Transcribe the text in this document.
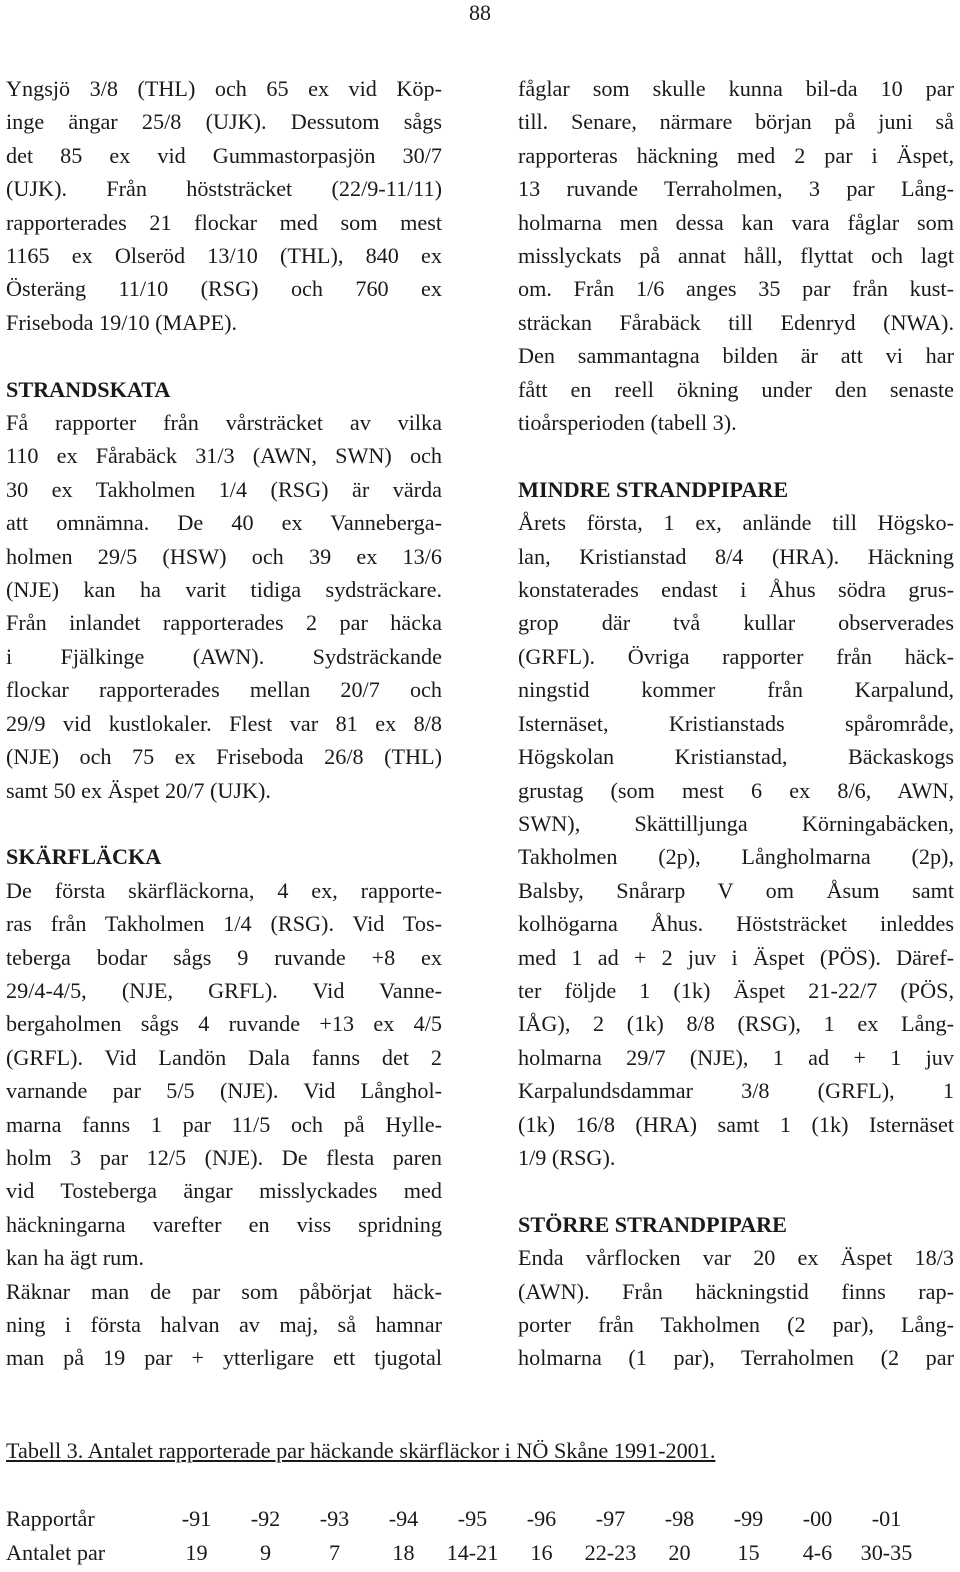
88
Yngsjö 3/8 (THL) och 65 ex vid Köp-
inge ängar 25/8 (UJK). Dessutom sågs
det 85 ex vid Gummastorpasjön 30/7
(UJK). Från höststräcket (22/9-11/11)
rapporterades 21 flockar med som mest
1165 ex Olseröd 13/10 (THL), 840 ex
Österäng 11/10 (RSG) och 760 ex
Friseboda 19/10 (MAPE).
STRANDSKATA
Få rapporter från vårsträcket av vilka
110 ex Fårabäck 31/3 (AWN, SWN) och
30 ex Takholmen 1/4 (RSG) är värda
att omnämna. De 40 ex Vanneberga-
holmen 29/5 (HSW) och 39 ex 13/6
(NJE) kan ha varit tidiga sydsträckare.
Från inlandet rapporterades 2 par häcka
i Fjälkinge (AWN). Sydsträckande
flockar rapporterades mellan 20/7 och
29/9 vid kustlokaler. Flest var 81 ex 8/8
(NJE) och 75 ex Friseboda 26/8 (THL)
samt 50 ex Äspet 20/7 (UJK).
SKÄRFLÄCKA
De första skärfläckorna, 4 ex, rapporte-
ras från Takholmen 1/4 (RSG). Vid Tos-
teberga bodar sågs 9 ruvande +8 ex
29/4-4/5, (NJE, GRFL). Vid Vanne-
bergaholmen sågs 4 ruvande +13 ex 4/5
(GRFL). Vid Landön Dala fanns det 2
varnande par 5/5 (NJE). Vid Långhol-
marna fanns 1 par 11/5 och på Hylle-
holm 3 par 12/5 (NJE). De flesta paren
vid Tosteberga ängar misslyckades med
häckningarna varefter en viss spridning
kan ha ägt rum.
Räknar man de par som påbörjat häck-
ning i första halvan av maj, så hamnar
man på 19 par + ytterligare ett tjugotal
fåglar som skulle kunna bil-da 10 par
till. Senare, närmare början på juni så
rapporteras häckning med 2 par i Äspet,
13 ruvande Terraholmen, 3 par Lång-
holmarna men dessa kan vara fåglar som
misslyckats på annat håll, flyttat och lagt
om. Från 1/6 anges 35 par från kust-
sträckan Fårabäck till Edenryd (NWA).
Den sammantagna bilden är att vi har
fått en reell ökning under den senaste
tioårsperioden (tabell 3).
MINDRE STRANDPIPARE
Årets första, 1 ex, anlände till Högsko-
lan, Kristianstad 8/4 (HRA). Häckning
konstaterades endast i Åhus södra grus-
grop där två kullar observerades
(GRFL). Övriga rapporter från häck-
ningstid kommer från Karpalund,
Isternäset, Kristianstads spårområde,
Högskolan Kristianstad, Bäckaskogs
grustag (som mest 6 ex 8/6, AWN,
SWN), Skättilljunga Körningabäcken,
Takholmen (2p), Långholmarna (2p),
Balsby, Snårarp V om Åsum samt
kolhögarna Åhus. Höststräcket inleddes
med 1 ad + 2 juv i Äspet (PÖS). Däref-
ter följde 1 (1k) Äspet 21-22/7 (PÖS,
IÅG), 2 (1k) 8/8 (RSG), 1 ex Lång-
holmarna 29/7 (NJE), 1 ad + 1 juv
Karpalundsdammar 3/8 (GRFL), 1
(1k) 16/8 (HRA) samt 1 (1k) Isternäset
1/9 (RSG).
STÖRRE STRANDPIPARE
Enda vårflocken var 20 ex Äspet 18/3
(AWN). Från häckningstid finns rap-
porter från Takholmen (2 par), Lång-
holmarna (1 par), Terraholmen (2 par
Tabell 3. Antalet rapporterade par häckande skärfläckor i NÖ Skåne 1991-2001.
Rapportår	-91	-92	-93	-94	-95	-96	-97	-98	-99	-00	-01
Antalet par	19	9	7	18	14-21	16	22-23	20	15	4-6	30-35
